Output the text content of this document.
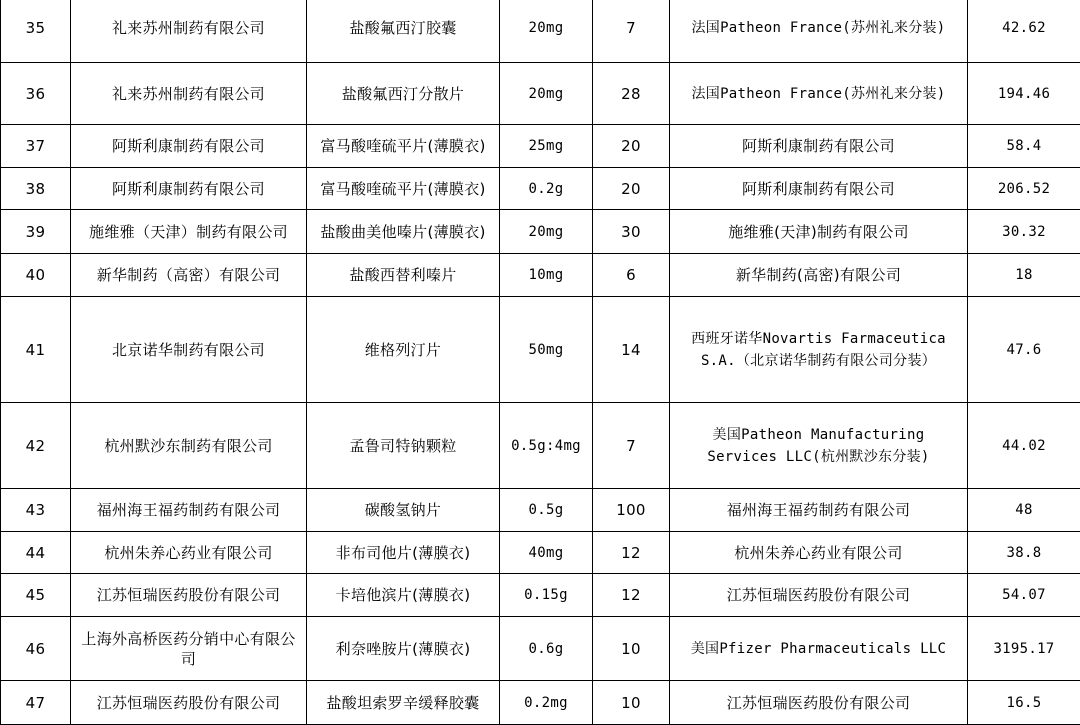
35	礼来苏州制药有限公司	盐酸氟西汀胶囊	20mg	7	法国Patheon France(苏州礼来分装)	42.62
36	礼来苏州制药有限公司	盐酸氟西汀分散片	20mg	28	法国Patheon France(苏州礼来分装)	194.46
37	阿斯利康制药有限公司	富马酸喹硫平片(薄膜衣)	25mg	20	阿斯利康制药有限公司	58.4
38	阿斯利康制药有限公司	富马酸喹硫平片(薄膜衣)	0.2g	20	阿斯利康制药有限公司	206.52
39	施维雅（天津）制药有限公司	盐酸曲美他嗪片(薄膜衣)	20mg	30	施维雅(天津)制药有限公司	30.32
40	新华制药（高密）有限公司	盐酸西替利嗪片	10mg	6	新华制药(高密)有限公司	18
41	北京诺华制药有限公司	维格列汀片	50mg	14	西班牙诺华Novartis Farmaceutica S.A.（北京诺华制药有限公司分装）	47.6
42	杭州默沙东制药有限公司	孟鲁司特钠颗粒	0.5g:4mg	7	美国Patheon Manufacturing Services LLC(杭州默沙东分装)	44.02
43	福州海王福药制药有限公司	碳酸氢钠片	0.5g	100	福州海王福药制药有限公司	48
44	杭州朱养心药业有限公司	非布司他片(薄膜衣)	40mg	12	杭州朱养心药业有限公司	38.8
45	江苏恒瑞医药股份有限公司	卡培他滨片(薄膜衣)	0.15g	12	江苏恒瑞医药股份有限公司	54.07
46	上海外高桥医药分销中心有限公司	利奈唑胺片(薄膜衣)	0.6g	10	美国Pfizer Pharmaceuticals LLC	3195.17
47	江苏恒瑞医药股份有限公司	盐酸坦索罗辛缓释胶囊	0.2mg	10	江苏恒瑞医药股份有限公司	16.5
